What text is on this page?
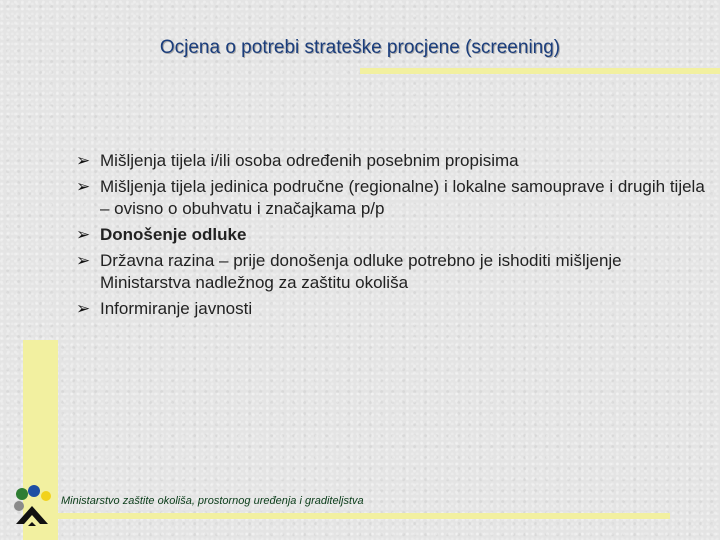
Ocjena o potrebi strateške procjene (screening)
➢ Mišljenja tijela i/ili osoba određenih posebnim propisima
➢ Mišljenja tijela jedinica područne (regionalne) i lokalne samouprave i drugih tijela – ovisno o obuhvatu i značajkama p/p
➢ Donošenje odluke
➢ Državna razina – prije donošenja odluke potrebno je ishoditi mišljenje Ministarstva nadležnog za zaštitu okoliša
➢ Informiranje javnosti
Ministarstvo zaštite okoliša, prostornog uređenja i graditeljstva
